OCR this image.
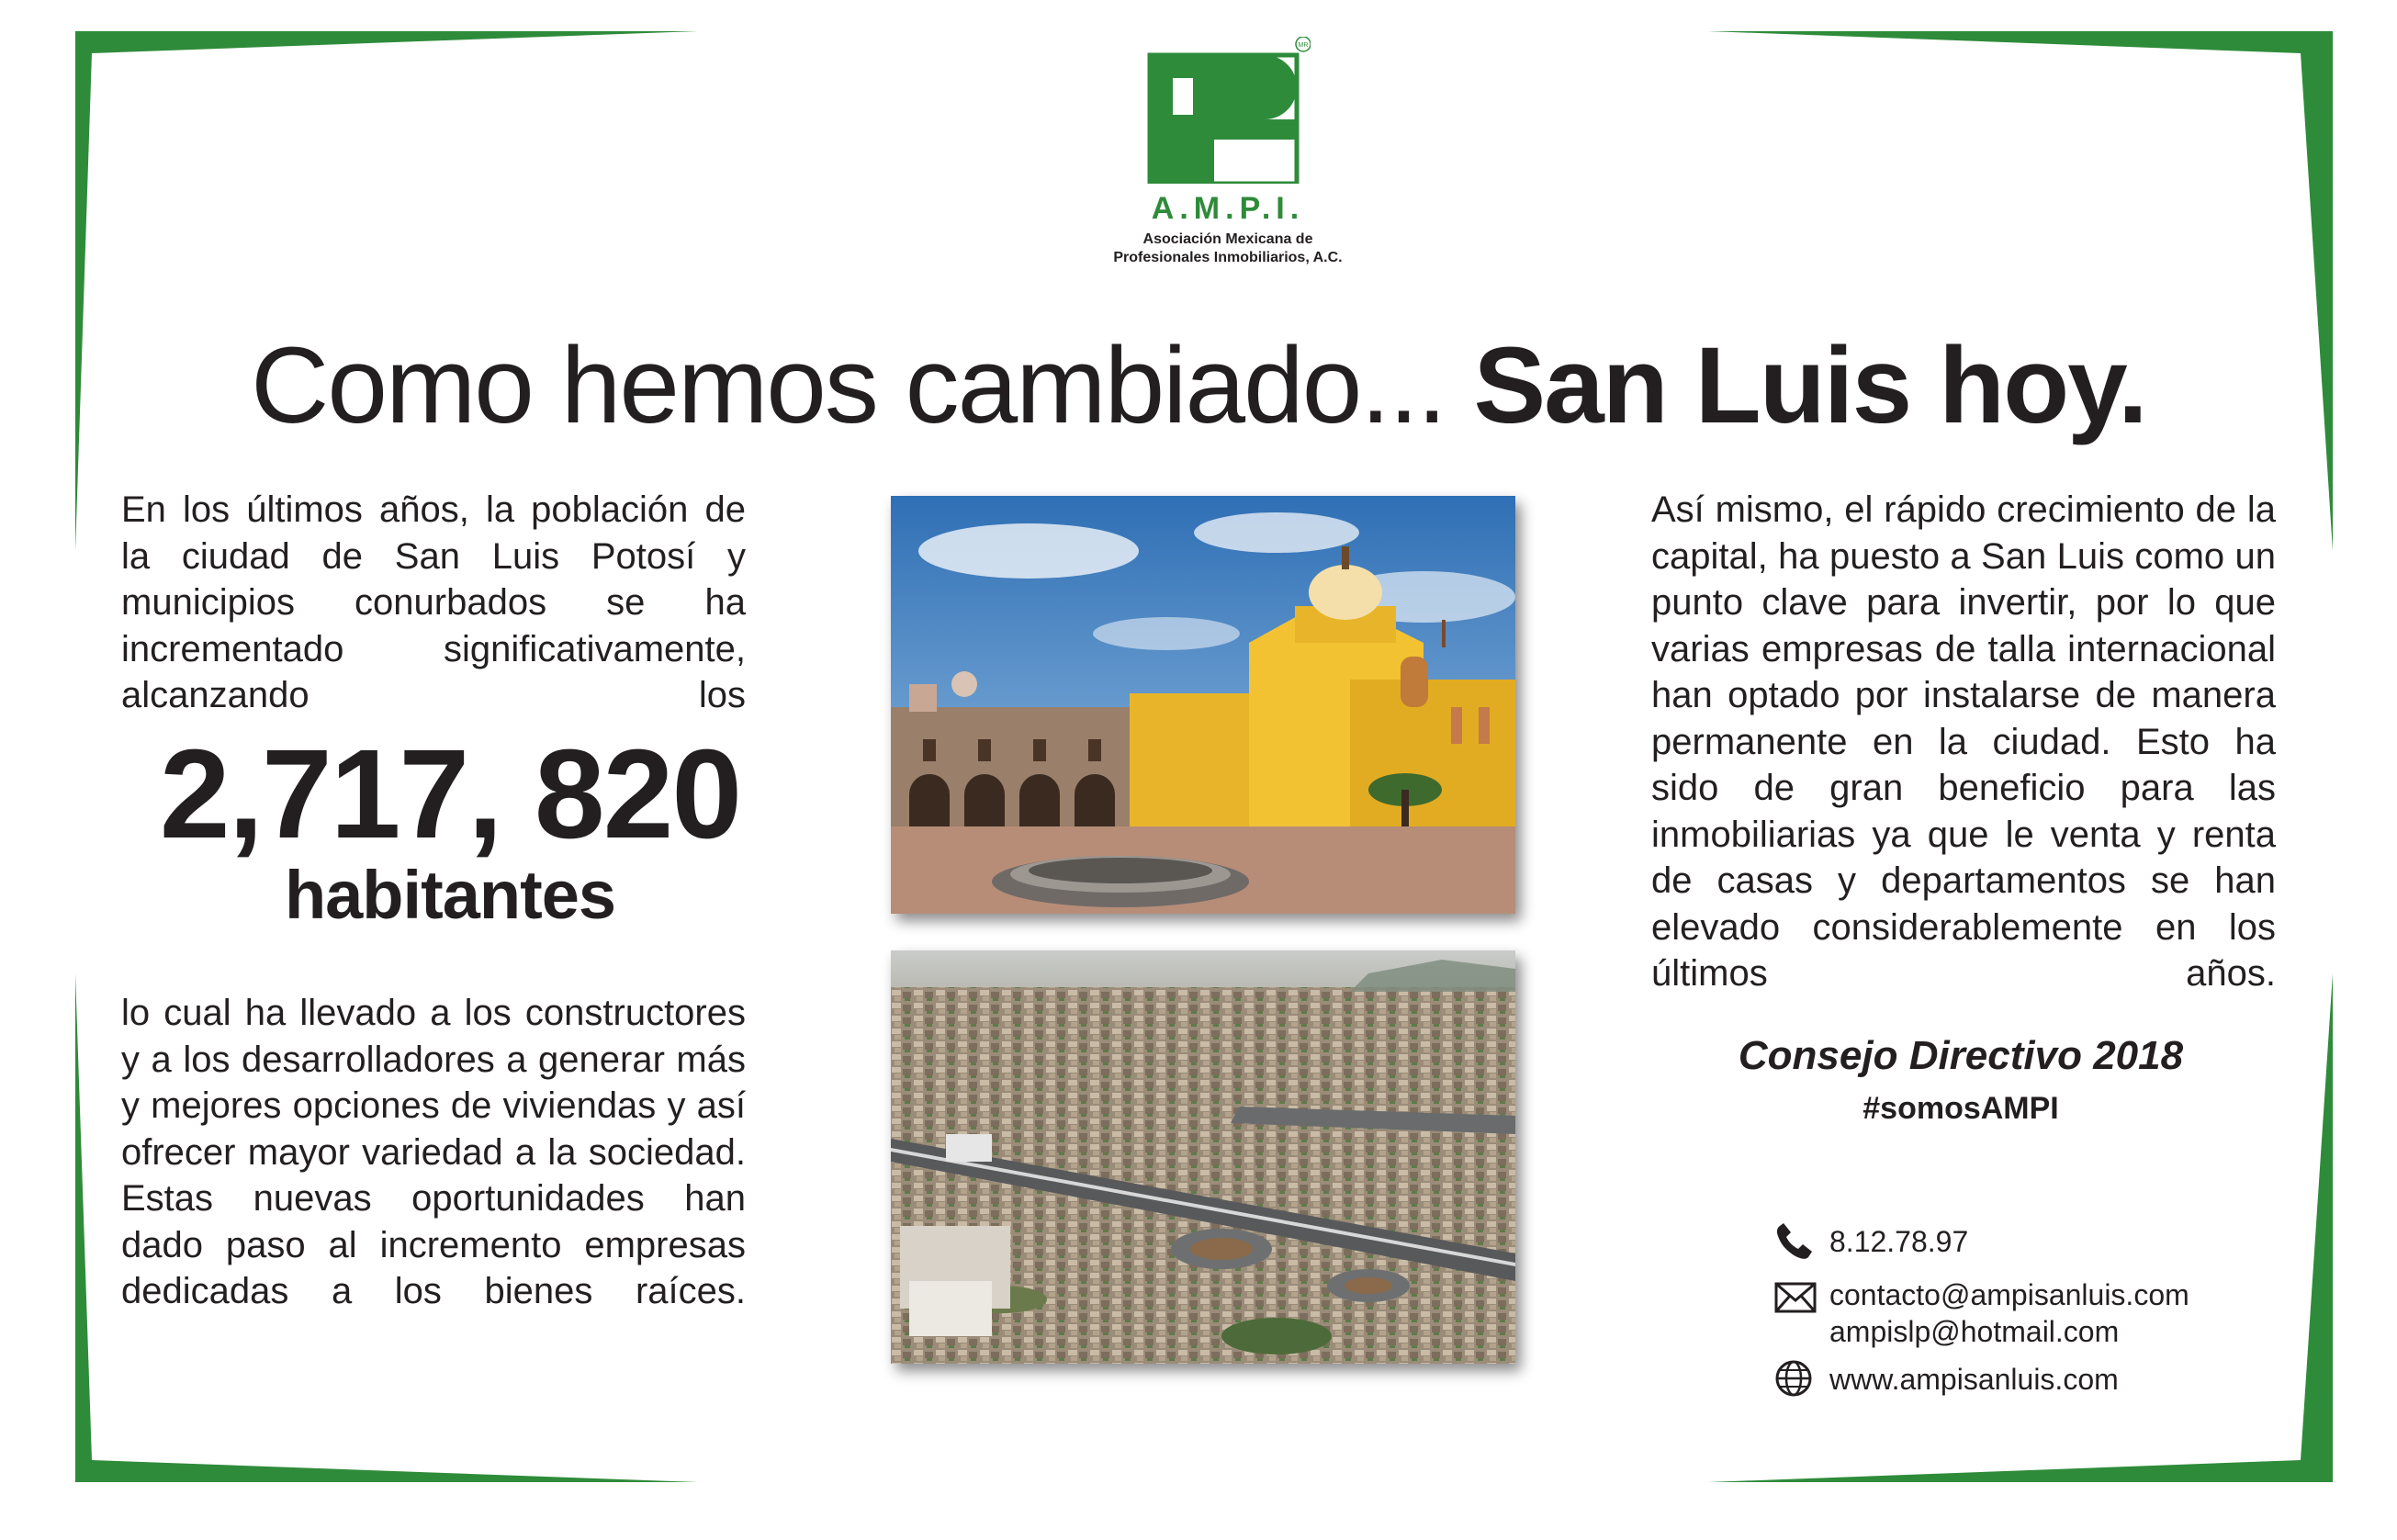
MR
A.M.P.I.
Asociación Mexicana de
Profesionales Inmobiliarios, A.C.
Como hemos cambiado... San Luis hoy.
En los últimos años, la población de la ciudad de San Luis Potosí y municipios conurbados se ha incrementado significativamente, alcanzando los
2,717, 820
habitantes
lo cual ha llevado a los constructores y a los desarrolladores a generar más y mejores opciones de viviendas y así ofrecer mayor variedad a la sociedad. Estas nuevas oportunidades han dado paso al incremento empresas dedicadas a los bienes raíces.
Así mismo, el rápido crecimiento de la capital, ha puesto a San Luis como un punto clave para invertir, por lo que varias empresas de talla internacional han optado por instalarse de manera permanente en la ciudad. Esto ha sido de gran beneficio para las inmobiliarias ya que le venta y renta de casas y departamentos se han elevado considerablemente en los últimos años.
Consejo Directivo 2018
#somosAMPI
8.12.78.97
contacto@ampisanluis.com
ampislp@hotmail.com
www.ampisanluis.com
